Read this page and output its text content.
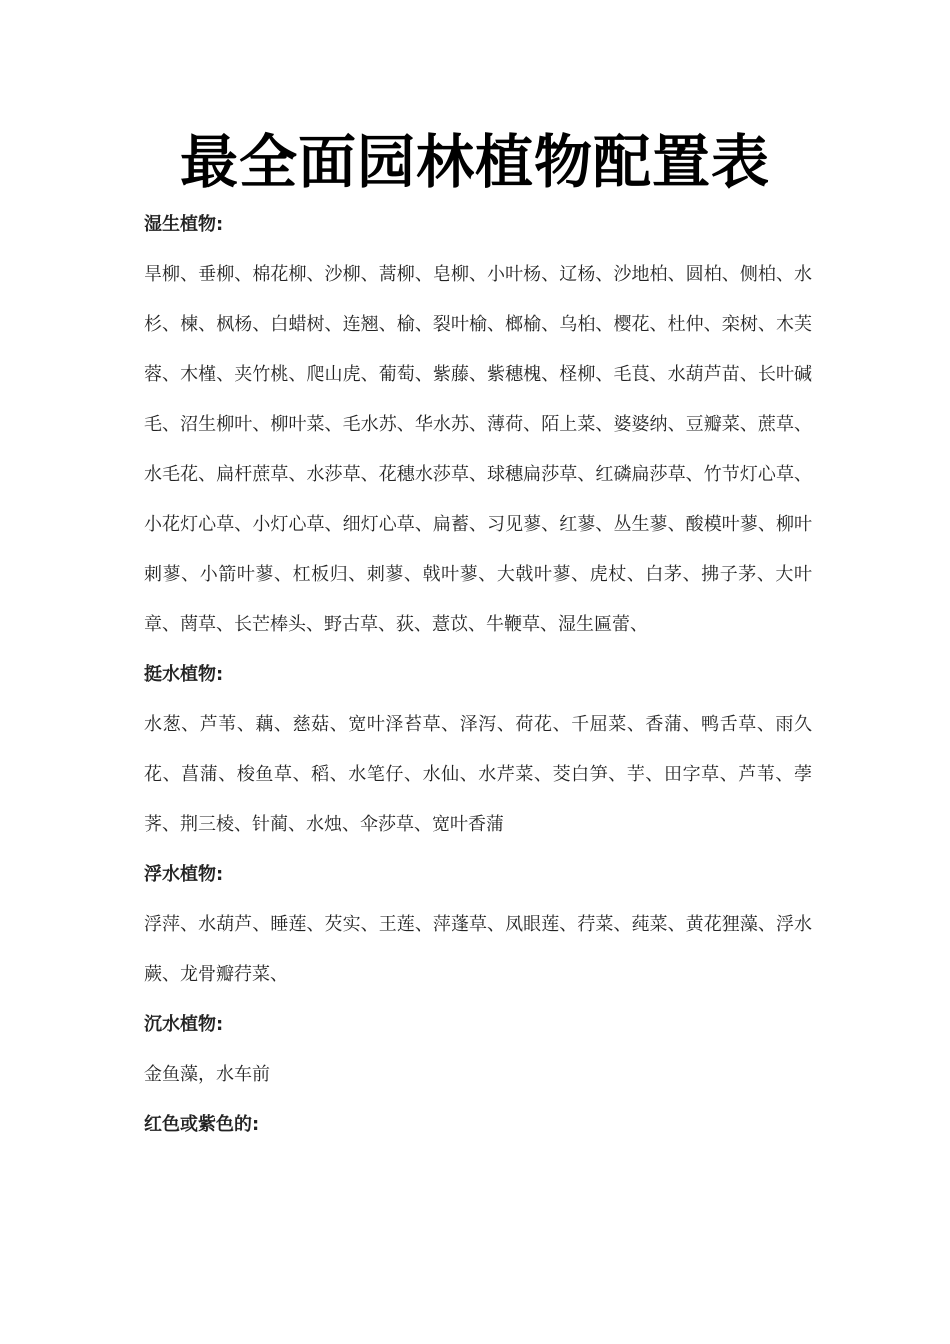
最全面园林植物配置表

湿生植物:

旱柳、垂柳、棉花柳、沙柳、蒿柳、皂柳、小叶杨、辽杨、沙地柏、圆柏、侧柏、水杉、楝、枫杨、白蜡树、连翘、榆、裂叶榆、榔榆、乌桕、樱花、杜仲、栾树、木芙蓉、木槿、夹竹桃、爬山虎、葡萄、紫藤、紫穗槐、柽柳、毛茛、水葫芦苗、长叶碱毛、沼生柳叶、柳叶菜、毛水苏、华水苏、薄荷、陌上菜、婆婆纳、豆瓣菜、蔗草、水毛花、扁杆蔗草、水莎草、花穗水莎草、球穗扁莎草、红磷扁莎草、竹节灯心草、小花灯心草、小灯心草、细灯心草、扁蓄、习见蓼、红蓼、丛生蓼、酸模叶蓼、柳叶刺蓼、小箭叶蓼、杠板归、刺蓼、戟叶蓼、大戟叶蓼、虎杖、白茅、拂子茅、大叶章、菵草、长芒棒头、野古草、荻、薏苡、牛鞭草、湿生匾蕾、

挺水植物:

水葱、芦苇、藕、慈菇、宽叶泽苔草、泽泻、荷花、千屈菜、香蒲、鸭舌草、雨久花、菖蒲、梭鱼草、稻、水笔仔、水仙、水芹菜、茭白笋、芋、田字草、芦苇、荸荠、荆三棱、针蔺、水烛、伞莎草、宽叶香蒲

浮水植物:

浮萍、水葫芦、睡莲、芡实、王莲、萍蓬草、凤眼莲、荇菜、莼菜、黄花狸藻、浮水蕨、龙骨瓣荇菜、

沉水植物:

金鱼藻，水车前

红色或紫色的:
